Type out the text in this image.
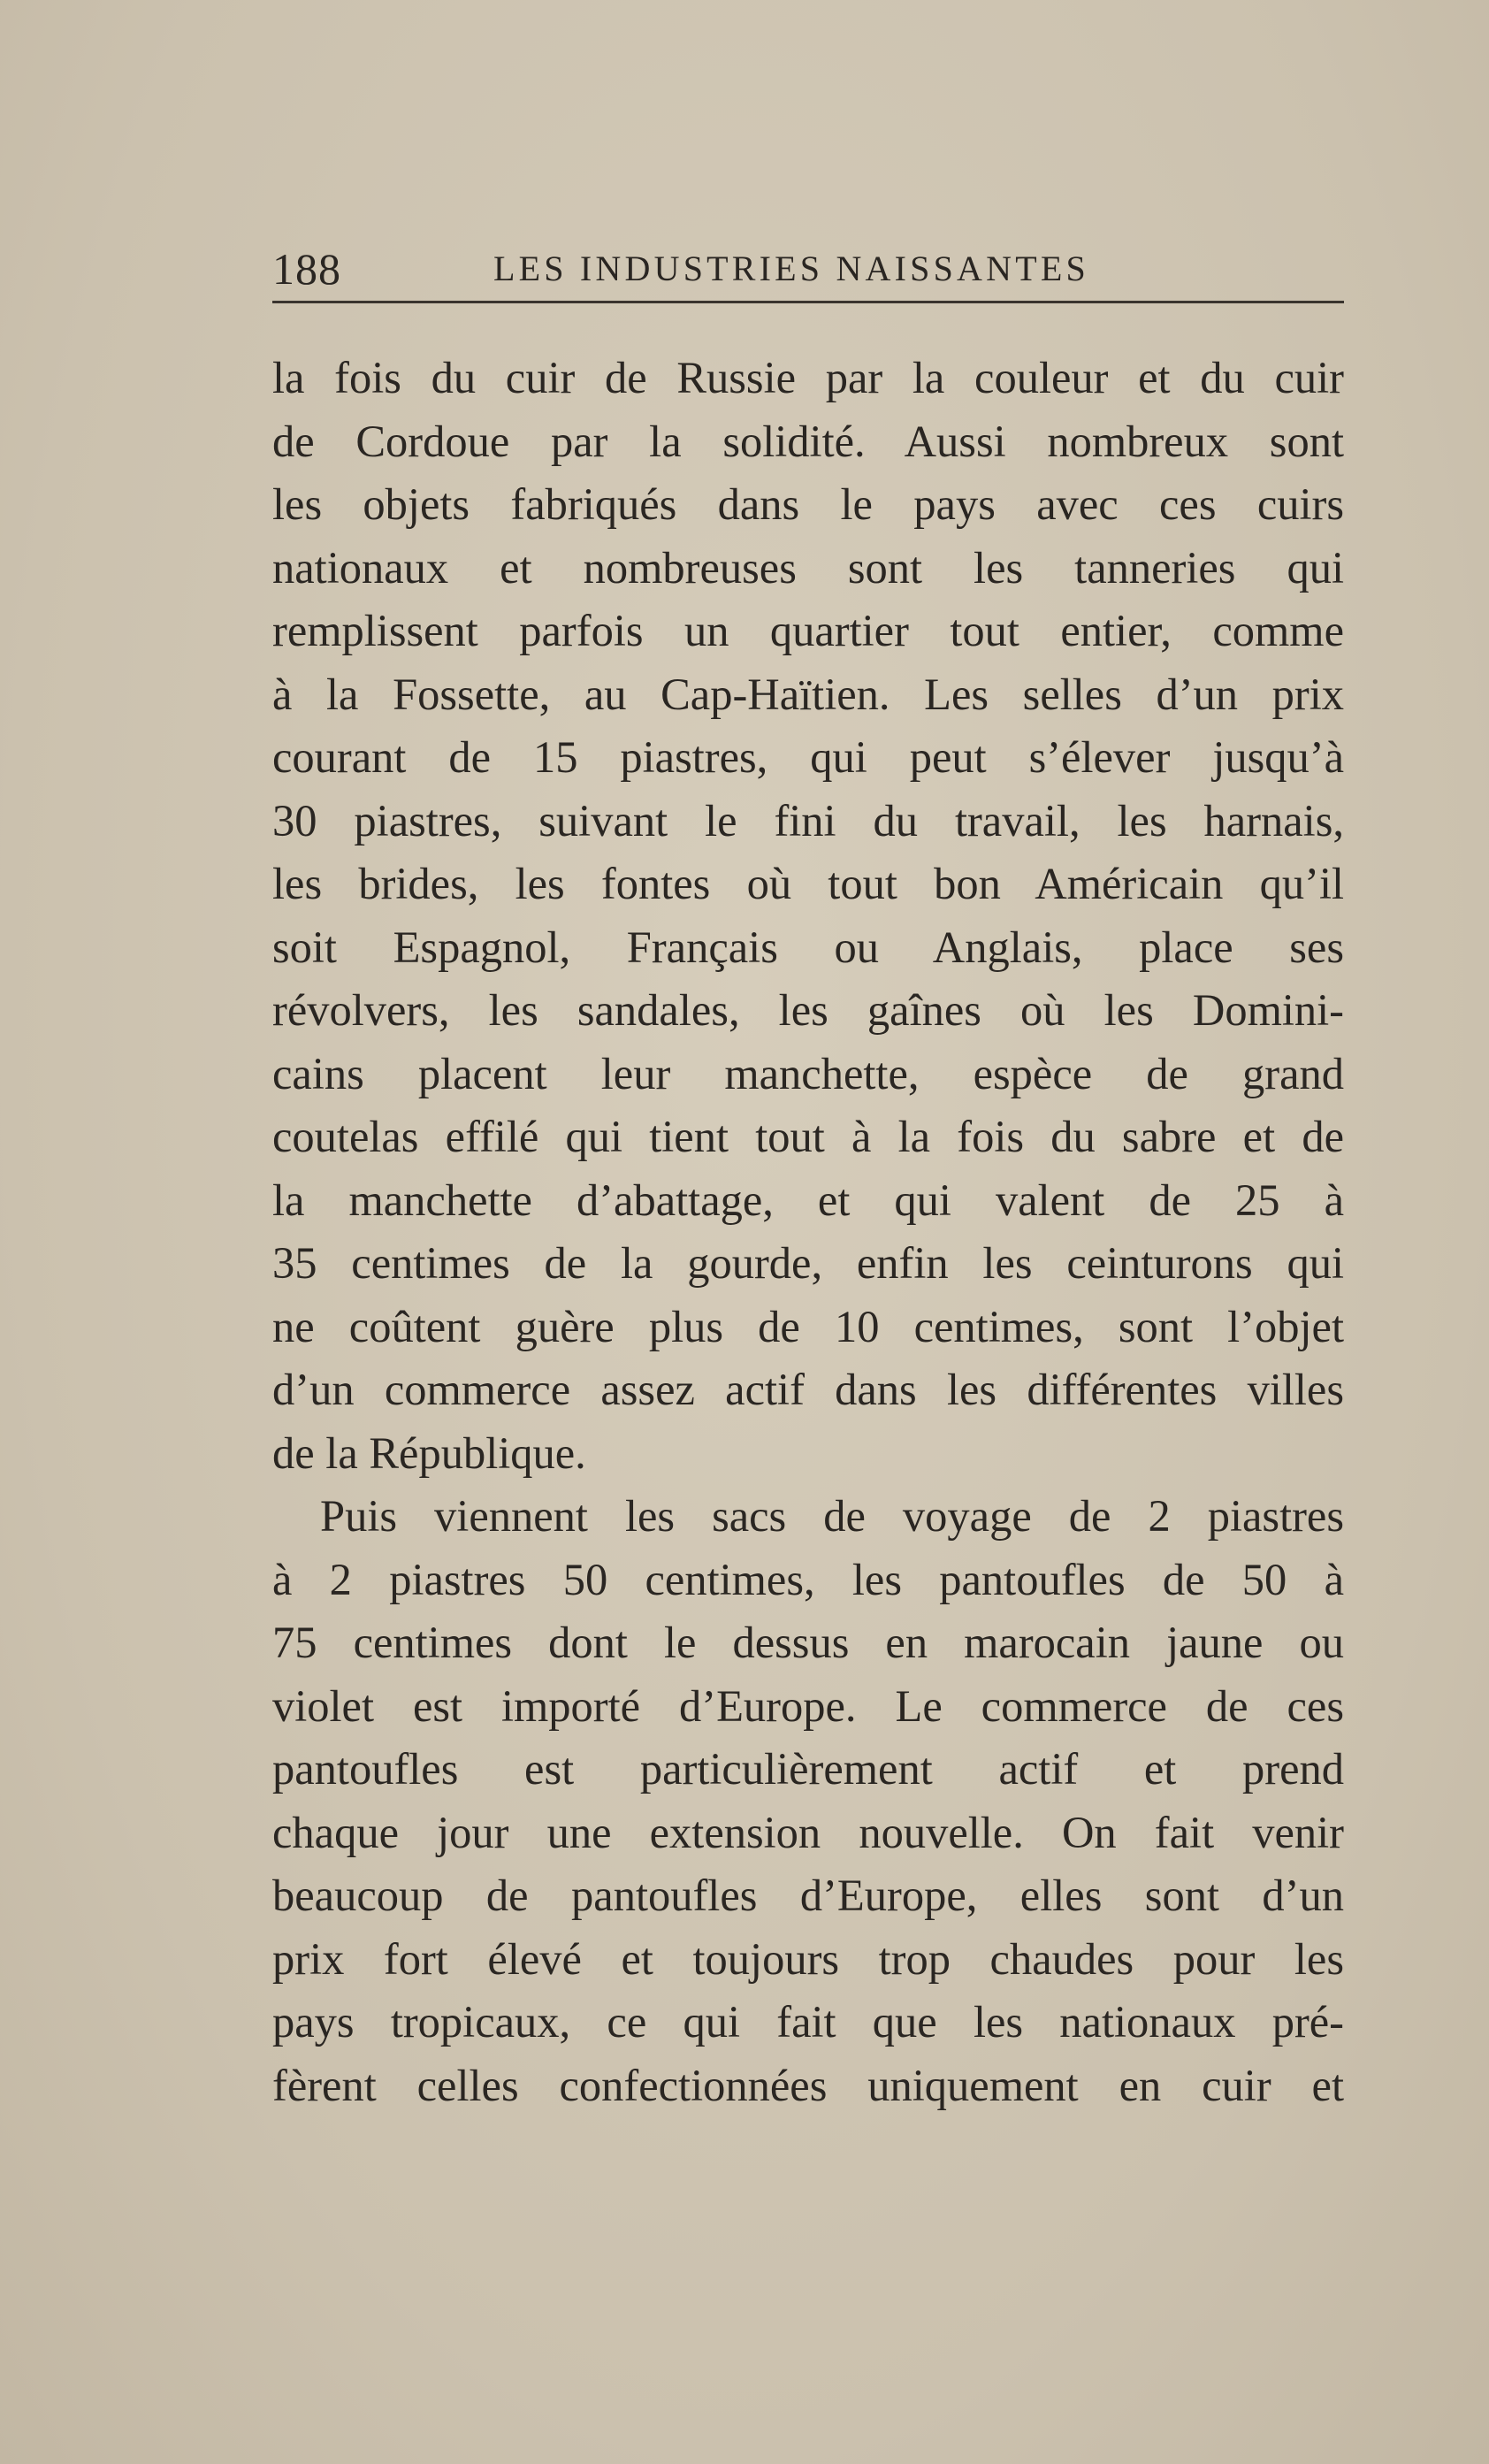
188	LES INDUSTRIES NAISSANTES
la fois du cuir de Russie par la couleur et du cuir
de Cordoue par la solidité. Aussi nombreux sont
les objets fabriqués dans le pays avec ces cuirs
nationaux et nombreuses sont les tanneries qui
remplissent parfois un quartier tout entier, comme
à la Fossette, au Cap-Haïtien. Les selles d’un prix
courant de 15 piastres, qui peut s’élever jusqu’à
30 piastres, suivant le fini du travail, les harnais,
les brides, les fontes où tout bon Américain qu’il
soit Espagnol, Français ou Anglais, place ses
révolvers, les sandales, les gaînes où les Domini-
cains placent leur manchette, espèce de grand
coutelas effilé qui tient tout à la fois du sabre et de
la manchette d’abattage, et qui valent de 25 à
35 centimes de la gourde, enfin les ceinturons qui
ne coûtent guère plus de 10 centimes, sont l’objet
d’un commerce assez actif dans les différentes villes
de la République.
Puis viennent les sacs de voyage de 2 piastres
à 2 piastres 50 centimes, les pantoufles de 50 à
75 centimes dont le dessus en marocain jaune ou
violet est importé d’Europe. Le commerce de ces
pantoufles est particulièrement actif et prend
chaque jour une extension nouvelle. On fait venir
beaucoup de pantoufles d’Europe, elles sont d’un
prix fort élevé et toujours trop chaudes pour les
pays tropicaux, ce qui fait que les nationaux pré-
fèrent celles confectionnées uniquement en cuir et
